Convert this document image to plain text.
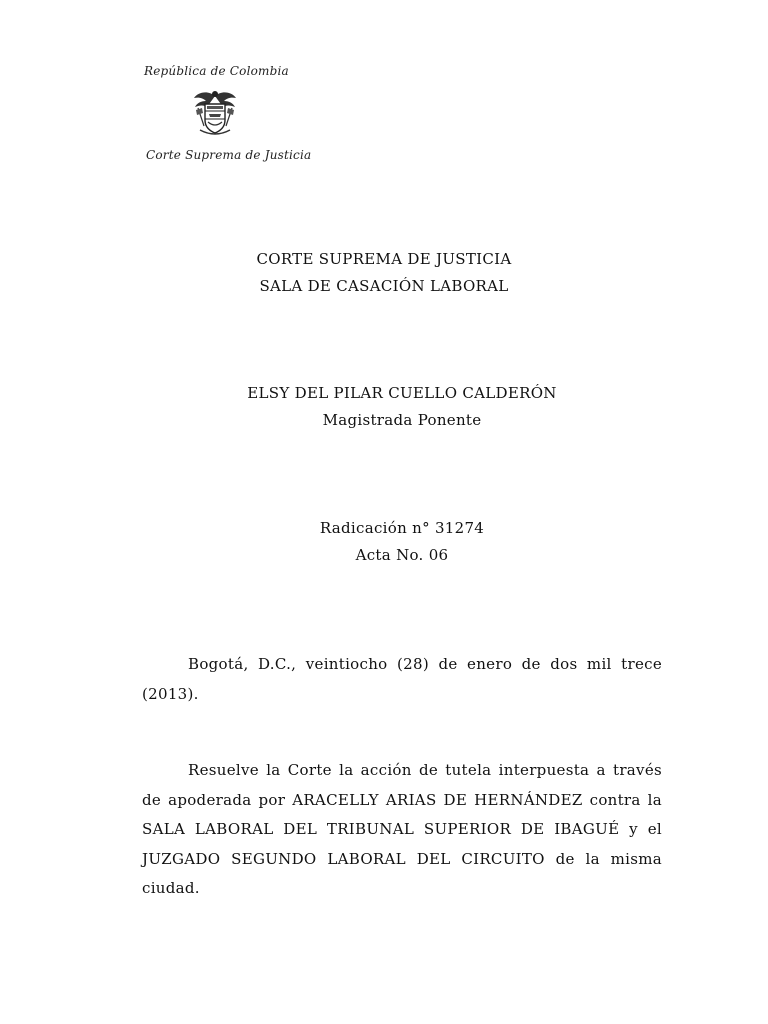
República de Colombia
Corte Suprema de Justicia
CORTE SUPREMA DE JUSTICIA
SALA DE CASACIÓN LABORAL
ELSY DEL PILAR CUELLO CALDERÓN
Magistrada Ponente
Radicación n° 31274
Acta No. 06

Bogotá, D.C., veintiocho (28) de enero de dos mil trece (2013).

Resuelve la Corte la acción de tutela interpuesta a través de apoderada por ARACELLY ARIAS DE HERNÁNDEZ contra la SALA LABORAL DEL TRIBUNAL SUPERIOR DE IBAGUÉ y el JUZGADO SEGUNDO LABORAL DEL CIRCUITO de la misma ciudad.
